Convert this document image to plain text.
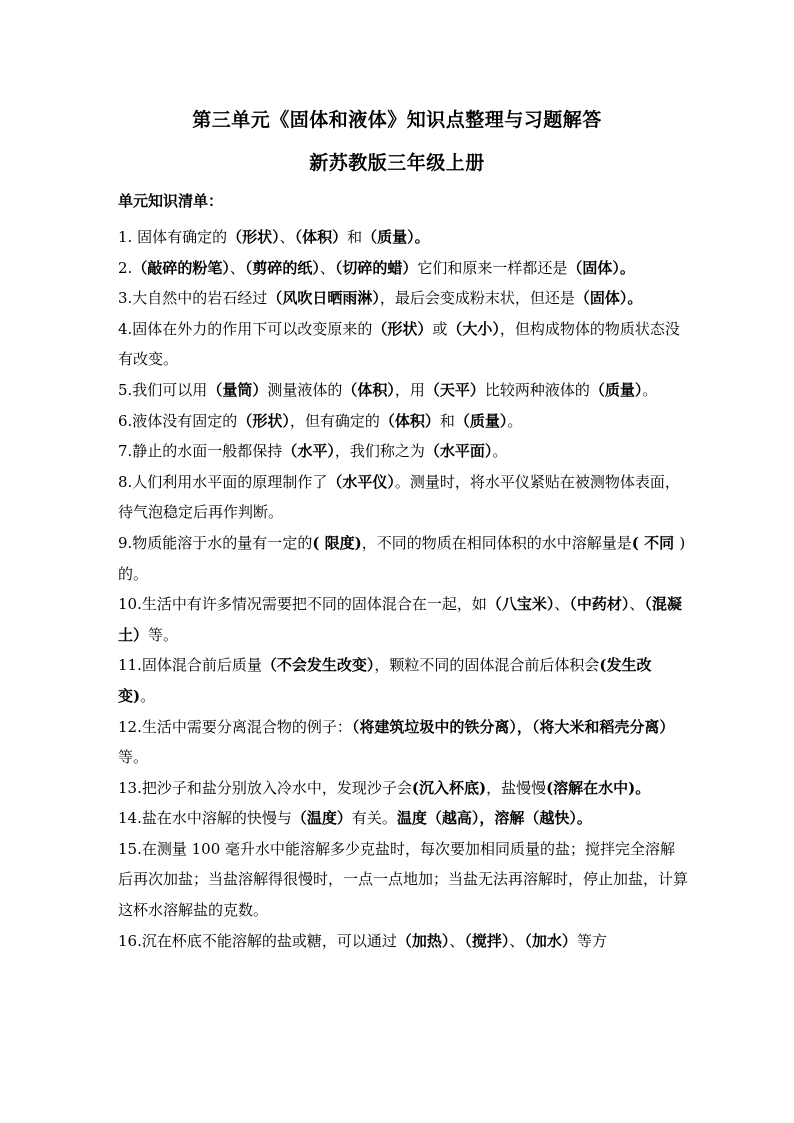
第三单元《固体和液体》知识点整理与习题解答
新苏教版三年级上册
单元知识清单：
1. 固体有确定的（形状）、（体积）和（质量）。
2.（敲碎的粉笔）、（剪碎的纸）、（切碎的蜡）它们和原来一样都还是（固体）。
3.大自然中的岩石经过（风吹日晒雨淋），最后会变成粉末状，但还是（固体）。
4.固体在外力的作用下可以改变原来的（形状）或（大小），但构成物体的物质状态没有改变。
5.我们可以用（量筒）测量液体的（体积），用（天平）比较两种液体的（质量）。
6.液体没有固定的（形状），但有确定的（体积）和（质量）。
7.静止的水面一般都保持（水平），我们称之为（水平面）。
8.人们利用水平面的原理制作了（水平仪）。测量时，将水平仪紧贴在被测物体表面，待气泡稳定后再作判断。
9.物质能溶于水的量有一定的( 限度)，不同的物质在相同体积的水中溶解量是( 不同 )的。
10.生活中有许多情况需要把不同的固体混合在一起，如（八宝米）、（中药材）、（混凝土）等。
11.固体混合前后质量（不会发生改变），颗粒不同的固体混合前后体积会(发生改变)。
12.生活中需要分离混合物的例子：（将建筑垃圾中的铁分离），（将大米和稻壳分离）等。
13.把沙子和盐分别放入冷水中，发现沙子会(沉入杯底)，盐慢慢(溶解在水中)。
14.盐在水中溶解的快慢与（温度）有关。温度（越高），溶解（越快）。
15.在测量 100 毫升水中能溶解多少克盐时，每次要加相同质量的盐；搅拌完全溶解后再次加盐；当盐溶解得很慢时，一点一点地加；当盐无法再溶解时，停止加盐，计算这杯水溶解盐的克数。
16.沉在杯底不能溶解的盐或糖，可以通过（加热）、（搅拌）、（加水）等方
